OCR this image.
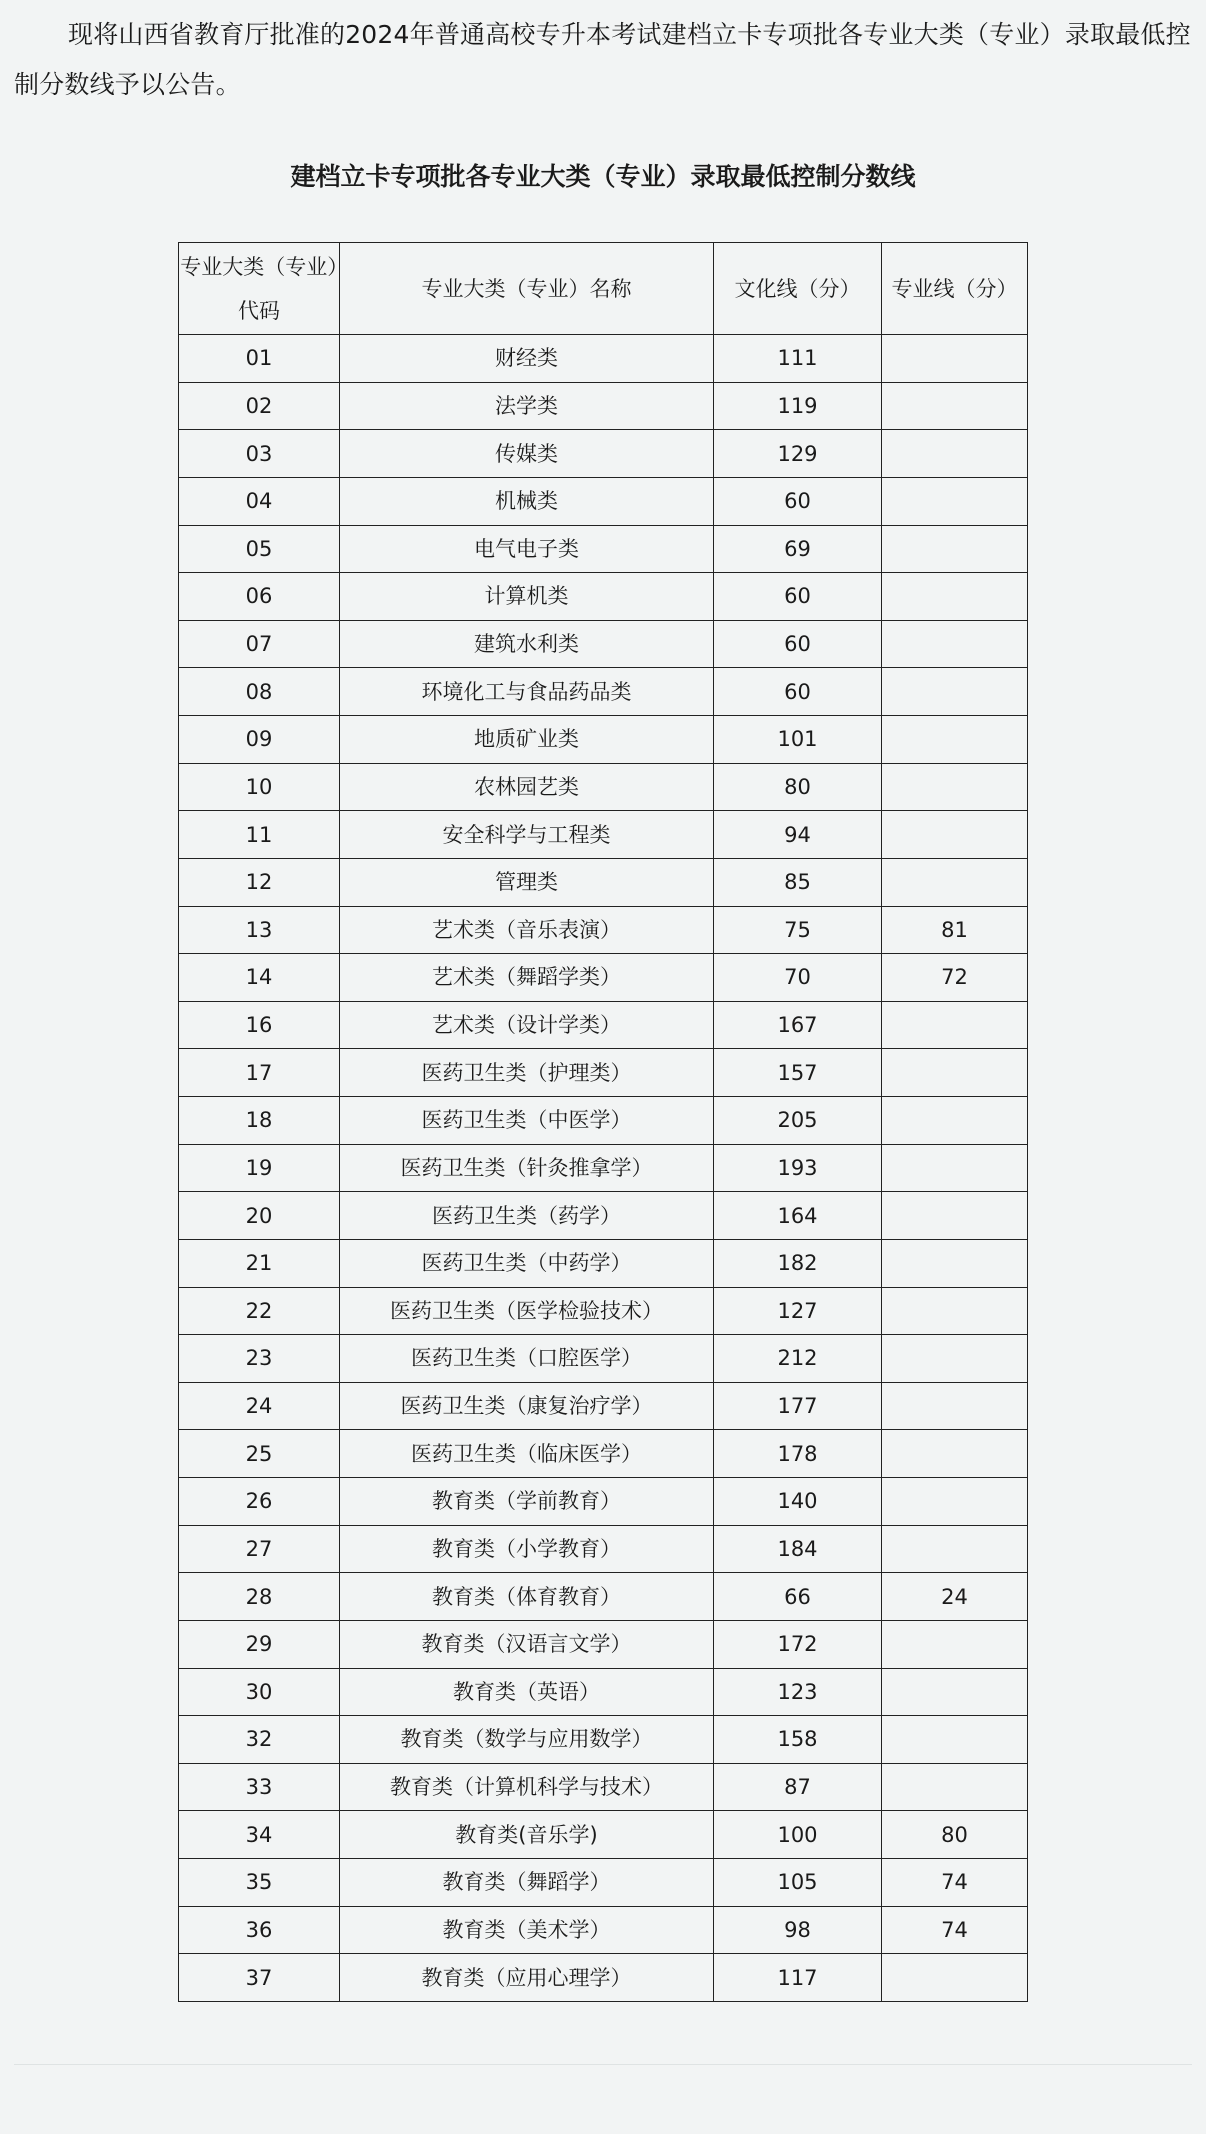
现将山西省教育厅批准的2024年普通高校专升本考试建档立卡专项批各专业大类（专业）录取最低控制分数线予以公告。

建档立卡专项批各专业大类（专业）录取最低控制分数线
专业大类（专业）代码	专业大类（专业）名称	文化线（分）	专业线（分）
01	财经类	111	
02	法学类	119	
03	传媒类	129	
04	机械类	60	
05	电气电子类	69	
06	计算机类	60	
07	建筑水利类	60	
08	环境化工与食品药品类	60	
09	地质矿业类	101	
10	农林园艺类	80	
11	安全科学与工程类	94	
12	管理类	85	
13	艺术类（音乐表演）	75	81
14	艺术类（舞蹈学类）	70	72
16	艺术类（设计学类）	167	
17	医药卫生类（护理类）	157	
18	医药卫生类（中医学）	205	
19	医药卫生类（针灸推拿学）	193	
20	医药卫生类（药学）	164	
21	医药卫生类（中药学）	182	
22	医药卫生类（医学检验技术）	127	
23	医药卫生类（口腔医学）	212	
24	医药卫生类（康复治疗学）	177	
25	医药卫生类（临床医学）	178	
26	教育类（学前教育）	140	
27	教育类（小学教育）	184	
28	教育类（体育教育）	66	24
29	教育类（汉语言文学）	172	
30	教育类（英语）	123	
32	教育类（数学与应用数学）	158	
33	教育类（计算机科学与技术）	87	
34	教育类(音乐学)	100	80
35	教育类（舞蹈学）	105	74
36	教育类（美术学）	98	74
37	教育类（应用心理学）	117	
